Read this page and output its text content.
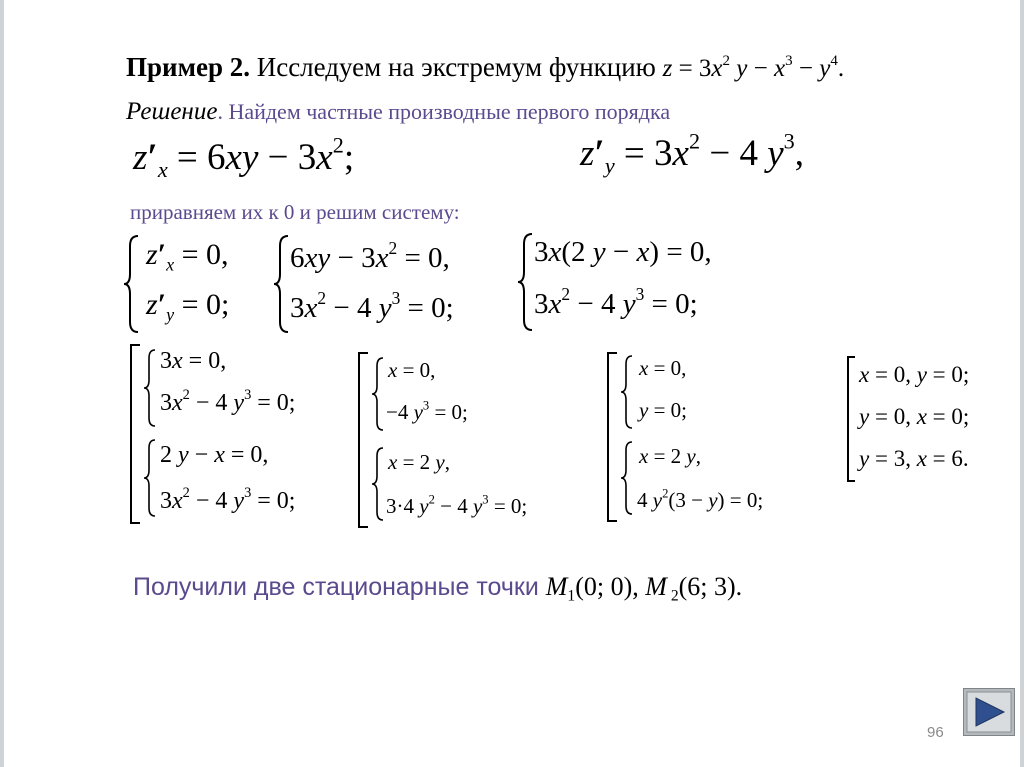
Пример 2. Исследуем на экстремум функцию $z = 3x^2$ $y - x^3 - y^4$.
Решение. Найдем частные производные первого порядка
$z'_x = 6xy - 3x^2$;	$z'_y = 3x^2 - 4$ $y^3$,
приравняем их к 0 и решим систему:
$z'_x = 0$,
$z'_y = 0$;
$6xy - 3x^2 = 0$,
$3x^2 - 4$ $y^3 = 0$;
3x(2 y − x) = 0,
$3x^2 - 4$ $y^3 = 0$;
3x = 0,
$3x^2 - 4$ $y^3 = 0$;
2 y − x = 0,
$3x^2 - 4$ $y^3 = 0$;
x = 0,
−4 $y^3 = 0$;
x = 2 y,
3·4 $y^2 - 4$ $y^3 = 0$;
x = 0,
y = 0;
x = 2 y,
4 $y^2(3 - y) = 0$;
x = 0, y = 0;
y = 0, x = 0;
y = 3, x = 6.
Получили две стационарные точки $M_1(0$; 0), M $_2$(6; 3).
96
